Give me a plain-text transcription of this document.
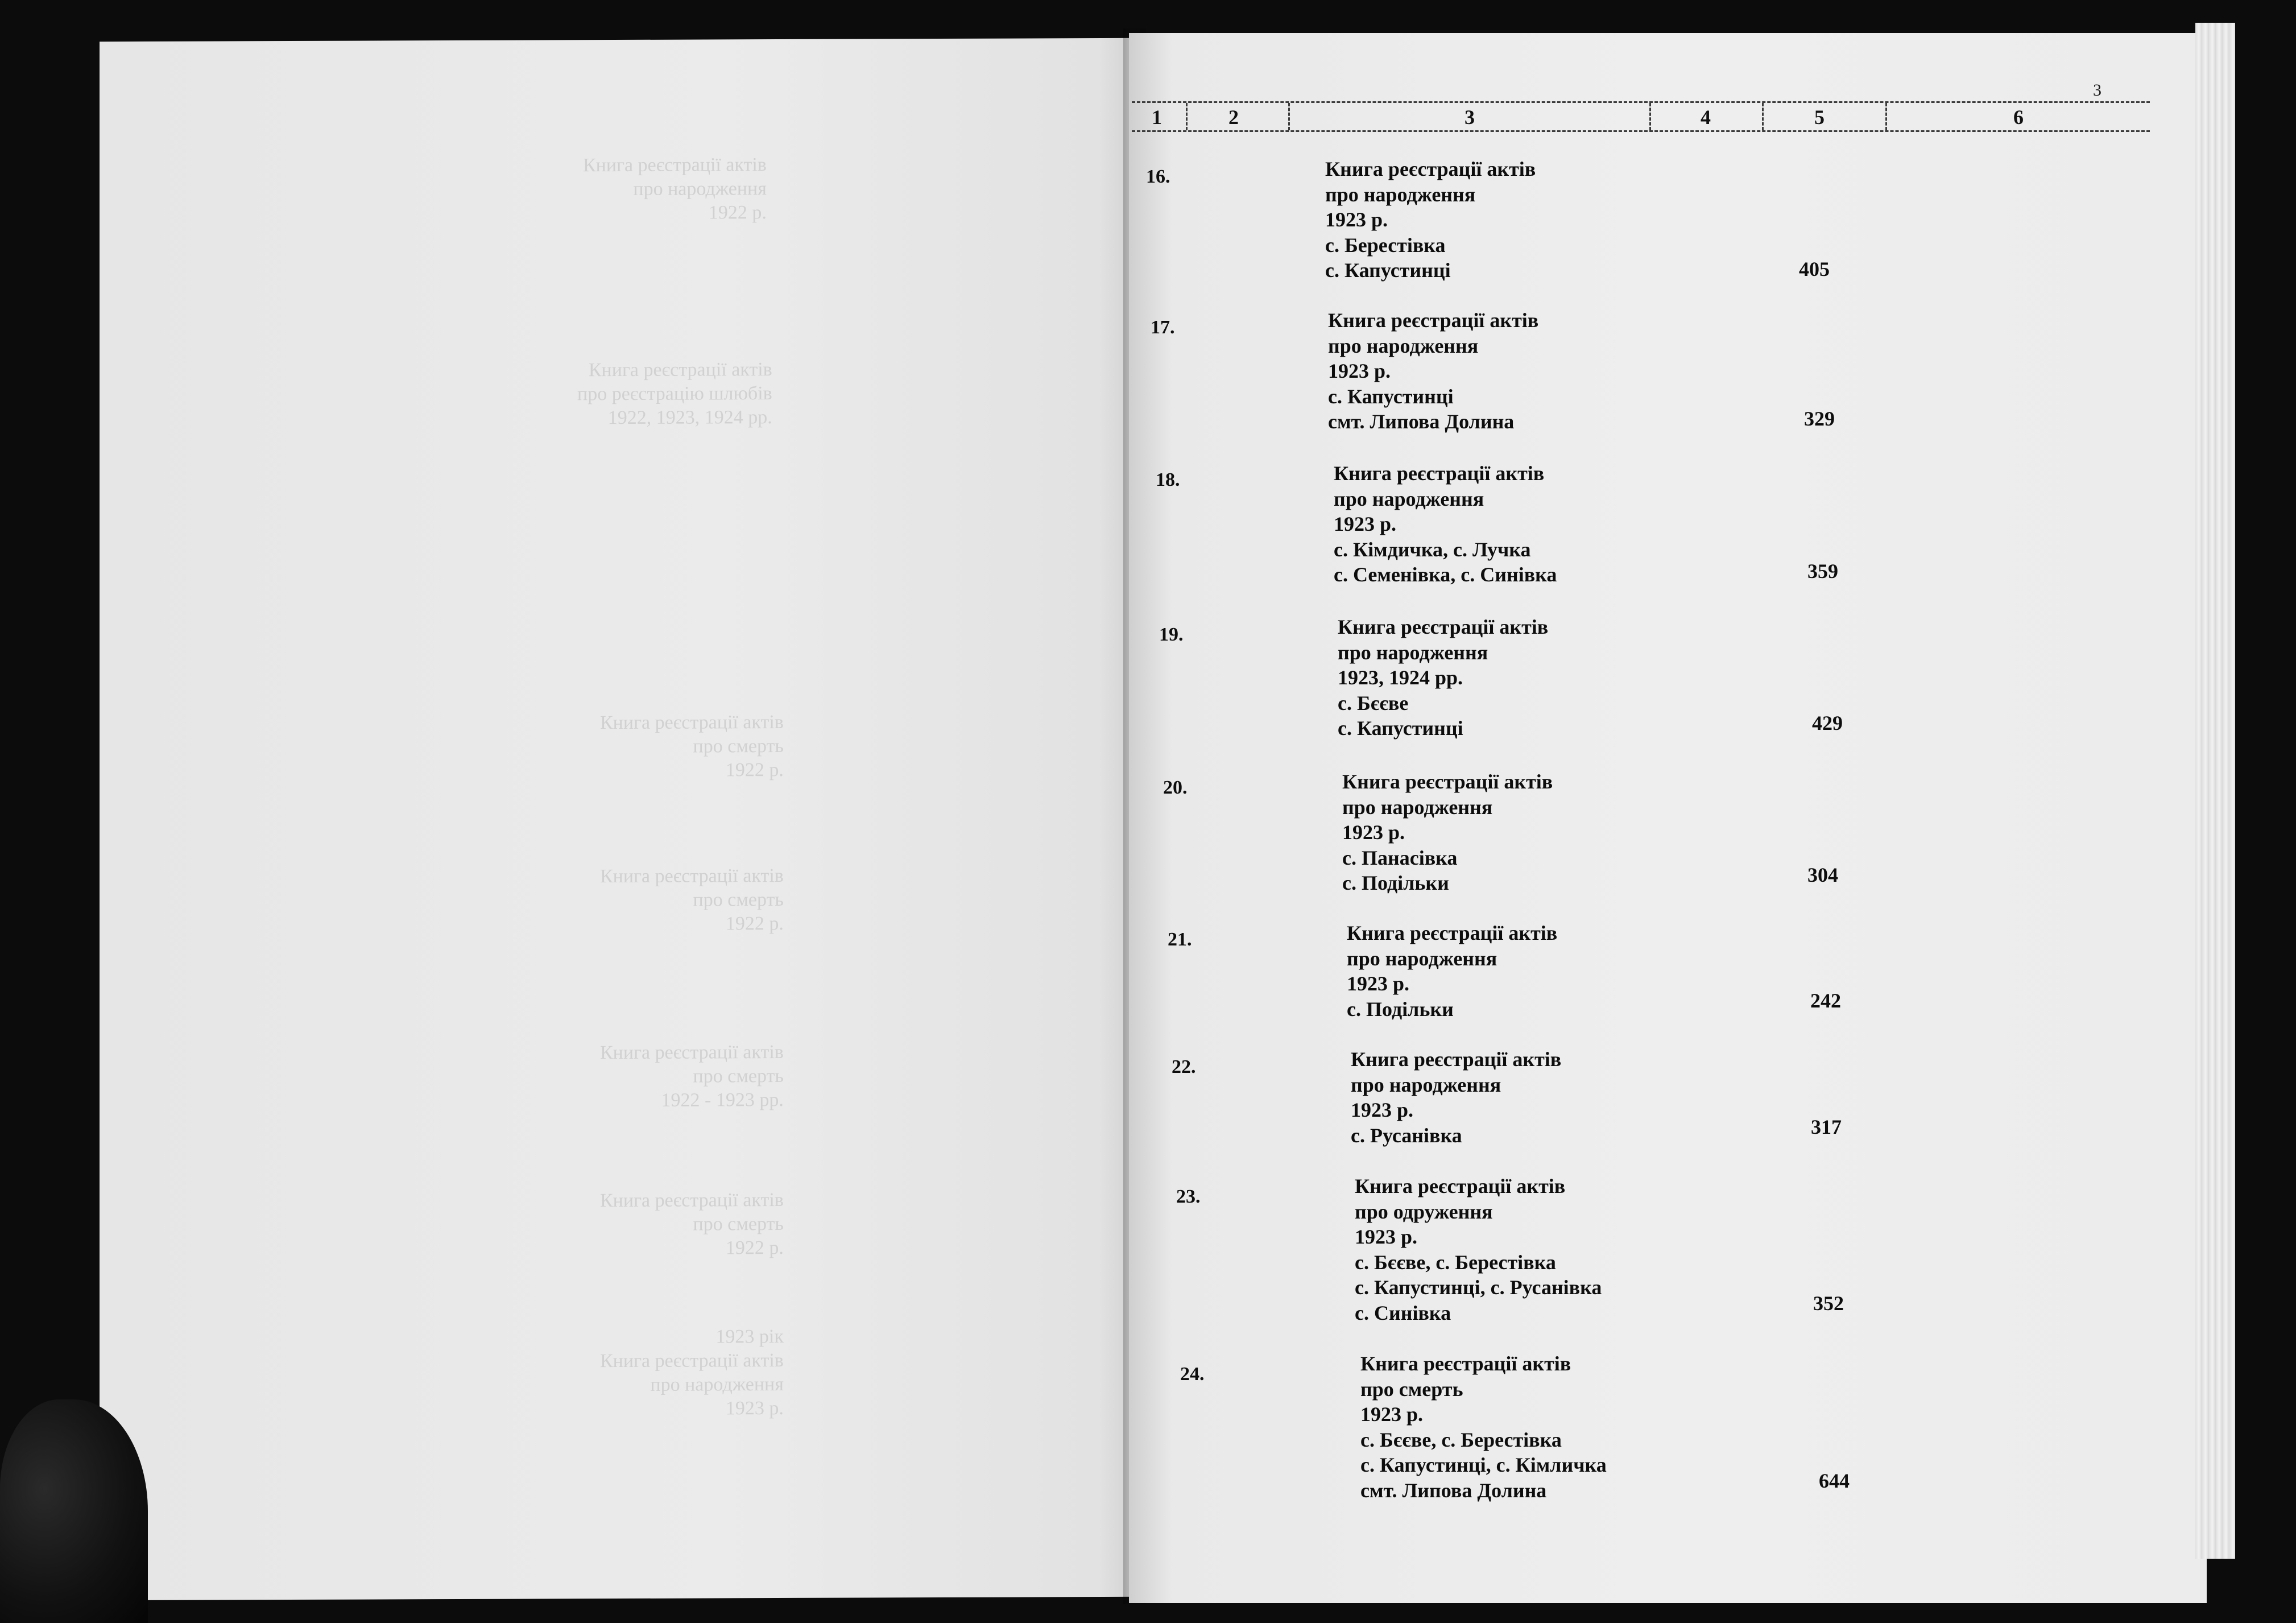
Книга реєстрації актів
про народження
1922 р.
Книга реєстрації актів
про реєстрацію шлюбів
1922, 1923, 1924 рр.
Книга реєстрації актів
про смерть
1922 р.
Книга реєстрації актів
про смерть
1922 р.
Книга реєстрації актів
про смерть
1922 - 1923 рр.
Книга реєстрації актів
про смерть
1922 р.
1923 рік
Книга реєстрації актів
про народження
1923 р.
3
1	2	3	4	5	6
16.	Книга реєстрації актів
про народження
1923 р.
с. Берестівка
с. Капустинці	405
17.	Книга реєстрації актів
про народження
1923 р.
с. Капустинці
смт. Липова Долина	329
18.	Книга реєстрації актів
про народження
1923 р.
с. Кімдичка, с. Лучка
с. Семенівка, с. Синівка	359
19.	Книга реєстрації актів
про народження
1923, 1924 рр.
с. Бєєве
с. Капустинці	429
20.	Книга реєстрації актів
про народження
1923 р.
с. Панасівка
с. Подільки	304
21.	Книга реєстрації актів
про народження
1923 р.
с. Подільки	242
22.	Книга реєстрації актів
про народження
1923 р.
с. Русанівка	317
23.	Книга реєстрації актів
про одруження
1923 р.
с. Бєєве, с. Берестівка
с. Капустинці, с. Русанівка
с. Синівка	352
24.	Книга реєстрації актів
про смерть
1923 р.
с. Бєєве, с. Берестівка
с. Капустинці, с. Кімличка
смт. Липова Долина	644
